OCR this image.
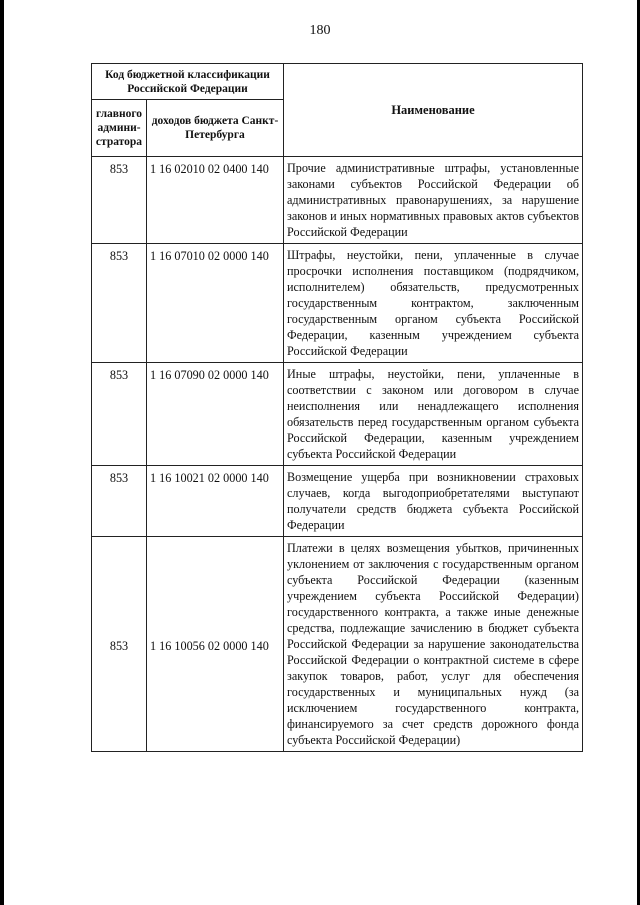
180
Код бюджетной классификации Российской Федерации		Наименование
главного админи-стратора	доходов бюджета Санкт-Петербурга	
853	1 16 02010 02 0400 140	Прочие административные штрафы, установленные законами субъектов Российской Федерации об административных правонарушениях, за нарушение законов и иных нормативных правовых актов субъектов Российской Федерации
853	1 16 07010 02 0000 140	Штрафы, неустойки, пени, уплаченные в случае просрочки исполнения поставщиком (подрядчиком, исполнителем) обязательств, предусмотренных государственным контрактом, заключенным государственным органом субъекта Российской Федерации, казенным учреждением субъекта Российской Федерации
853	1 16 07090 02 0000 140	Иные штрафы, неустойки, пени, уплаченные в соответствии с законом или договором в случае неисполнения или ненадлежащего исполнения обязательств перед государственным органом субъекта Российской Федерации, казенным учреждением субъекта Российской Федерации
853	1 16 10021 02 0000 140	Возмещение ущерба при возникновении страховых случаев, когда выгодоприобретателями выступают получатели средств бюджета субъекта Российской Федерации
853	1 16 10056 02 0000 140	Платежи в целях возмещения убытков, причиненных уклонением от заключения с государственным органом субъекта Российской Федерации (казенным учреждением субъекта Российской Федерации) государственного контракта, а также иные денежные средства, подлежащие зачислению в бюджет субъекта Российской Федерации за нарушение законодательства Российской Федерации о контрактной системе в сфере закупок товаров, работ, услуг для обеспечения государственных и муниципальных нужд (за исключением государственного контракта, финансируемого за счет средств дорожного фонда субъекта Российской Федерации)
